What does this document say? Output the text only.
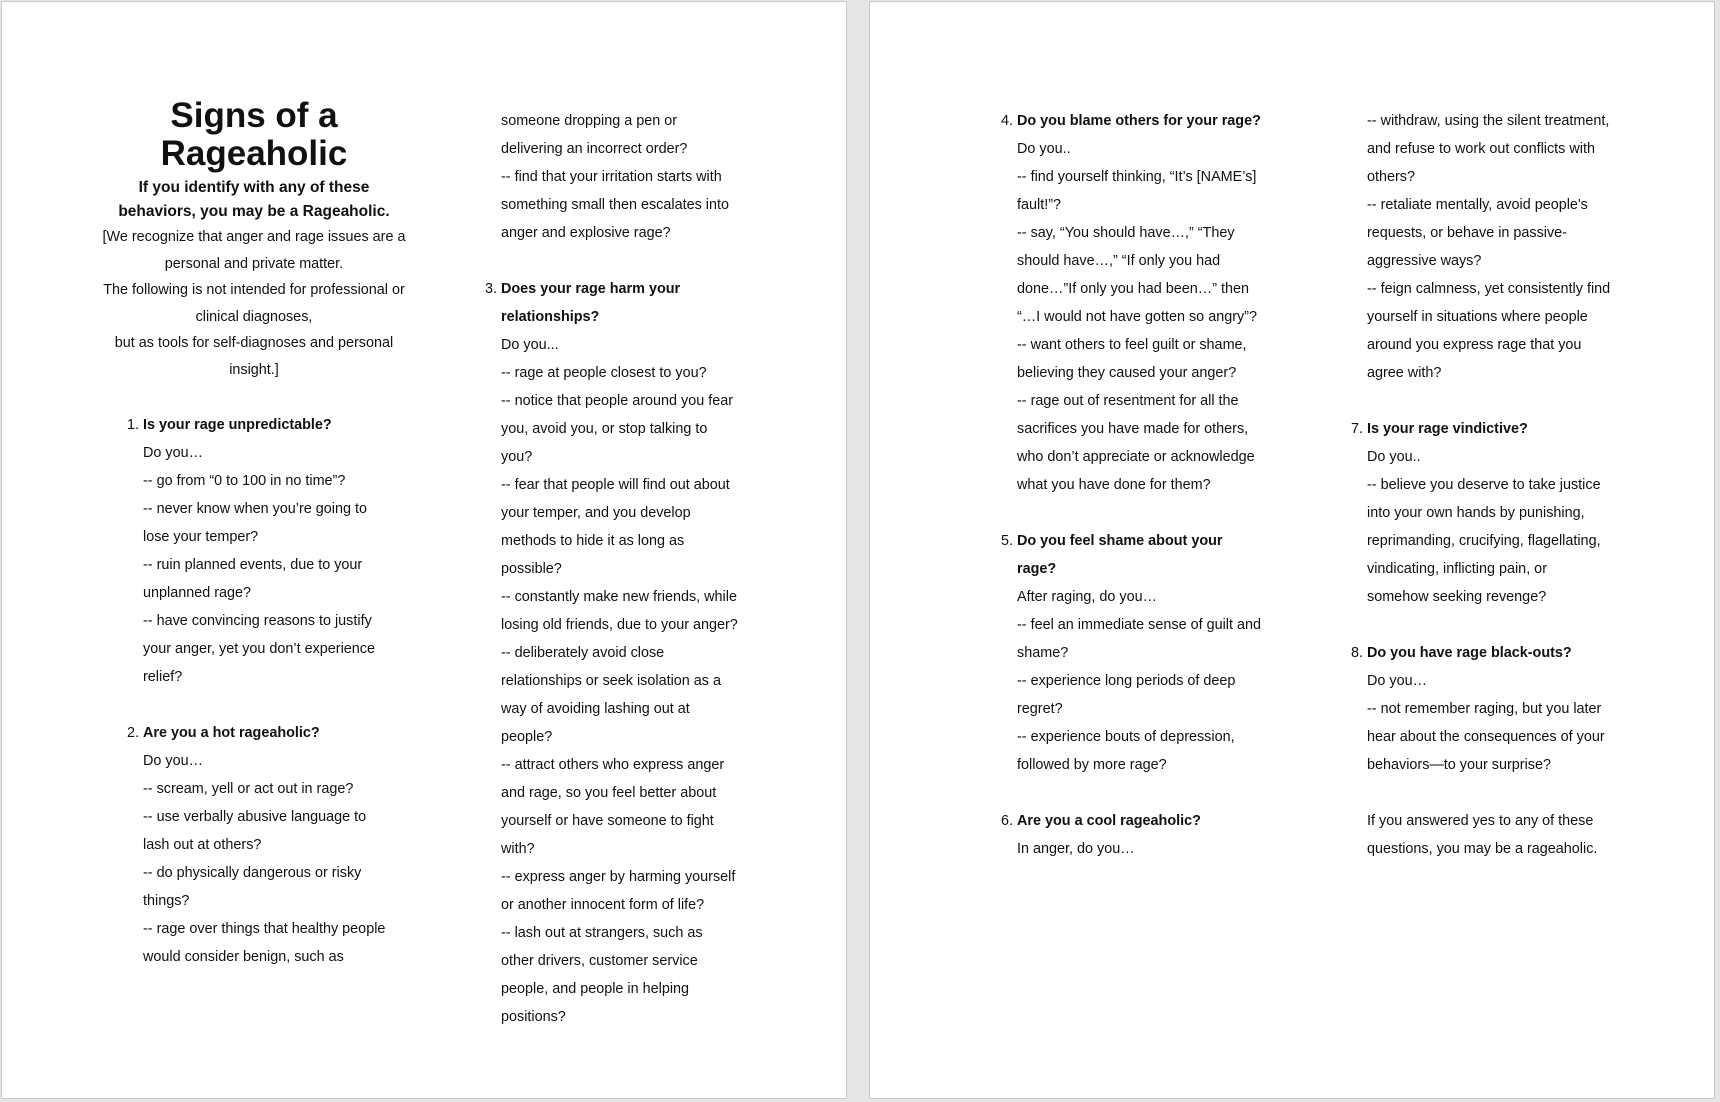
Signs of a Rageaholic
If you identify with any of these behaviors, you may be a Rageaholic.

[We recognize that anger and rage issues are a personal and private matter.

The following is not intended for professional or clinical diagnoses,

but as tools for self-diagnoses and personal insight.]

1. Is your rage unpredictable?
Do you…
-- go from “0 to 100 in no time”?
-- never know when you’re going to lose your temper?
-- ruin planned events, due to your unplanned rage?
-- have convincing reasons to justify your anger, yet you don’t experience relief?
2. Are you a hot rageaholic?
Do you…
-- scream, yell or act out in rage?
-- use verbally abusive language to lash out at others?
-- do physically dangerous or risky things?
-- rage over things that healthy people would consider benign, such as
someone dropping a pen or delivering an incorrect order?
-- find that your irritation starts with something small then escalates into anger and explosive rage?
3. Does your rage harm your relationships?
Do you...
-- rage at people closest to you?
-- notice that people around you fear you, avoid you, or stop talking to you?
-- fear that people will find out about your temper, and you develop methods to hide it as long as possible?
-- constantly make new friends, while losing old friends, due to your anger?
-- deliberately avoid close relationships or seek isolation as a way of avoiding lashing out at people?
-- attract others who express anger and rage, so you feel better about yourself or have someone to fight with?
-- express anger by harming yourself or another innocent form of life?
-- lash out at strangers, such as other drivers, customer service people, and people in helping positions?
4. Do you blame others for your rage?
Do you..
-- find yourself thinking, “It’s [NAME’s] fault!”?
-- say, “You should have…,” “They should have…,” “If only you had done…”If only you had been…” then “…I would not have gotten so angry”?
-- want others to feel guilt or shame, believing they caused your anger?
-- rage out of resentment for all the sacrifices you have made for others, who don’t appreciate or acknowledge what you have done for them?
5. Do you feel shame about your rage?
After raging, do you…
-- feel an immediate sense of guilt and shame?
-- experience long periods of deep regret?
-- experience bouts of depression, followed by more rage?
6. Are you a cool rageaholic?
In anger, do you…
-- withdraw, using the silent treatment, and refuse to work out conflicts with others?
-- retaliate mentally, avoid people's requests, or behave in passive-aggressive ways?
-- feign calmness, yet consistently find yourself in situations where people around you express rage that you agree with?
7. Is your rage vindictive?
Do you..
-- believe you deserve to take justice into your own hands by punishing, reprimanding, crucifying, flagellating, vindicating, inflicting pain, or somehow seeking revenge?
8. Do you have rage black-outs?
Do you…
-- not remember raging, but you later hear about the consequences of your behaviors—to your surprise?
If you answered yes to any of these questions, you may be a rageaholic.
